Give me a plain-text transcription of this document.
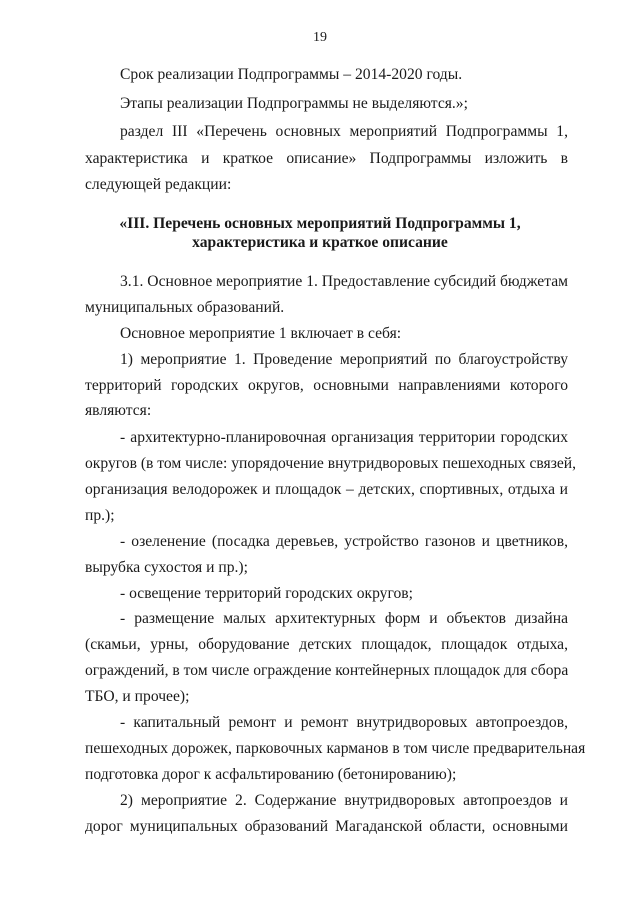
19
Срок реализации Подпрограммы – 2014-2020 годы.
Этапы реализации Подпрограммы не выделяются.»;
раздел III «Перечень основных мероприятий Подпрограммы 1,
характеристика и краткое описание» Подпрограммы изложить в
следующей редакции:
«III. Перечень основных мероприятий Подпрограммы 1,
характеристика и краткое описание
3.1. Основное мероприятие 1. Предоставление субсидий бюджетам
муниципальных образований.
Основное мероприятие 1 включает в себя:
1) мероприятие 1. Проведение мероприятий по благоустройству
территорий городских округов, основными направлениями которого
являются:
- архитектурно-планировочная организация территории городских
округов (в том числе: упорядочение внутридворовых пешеходных связей,
организация велодорожек и площадок – детских, спортивных, отдыха и
пр.);
- озеленение (посадка деревьев, устройство газонов и цветников,
вырубка сухостоя и пр.);
- освещение территорий городских округов;
- размещение малых архитектурных форм и объектов дизайна
(скамьи, урны, оборудование детских площадок, площадок отдыха,
ограждений, в том числе ограждение контейнерных площадок для сбора
ТБО, и прочее);
- капитальный ремонт и ремонт внутридворовых автопроездов,
пешеходных дорожек, парковочных карманов в том числе предварительная
подготовка дорог к асфальтированию (бетонированию);
2) мероприятие 2. Содержание внутридворовых автопроездов и
дорог муниципальных образований Магаданской области, основными
